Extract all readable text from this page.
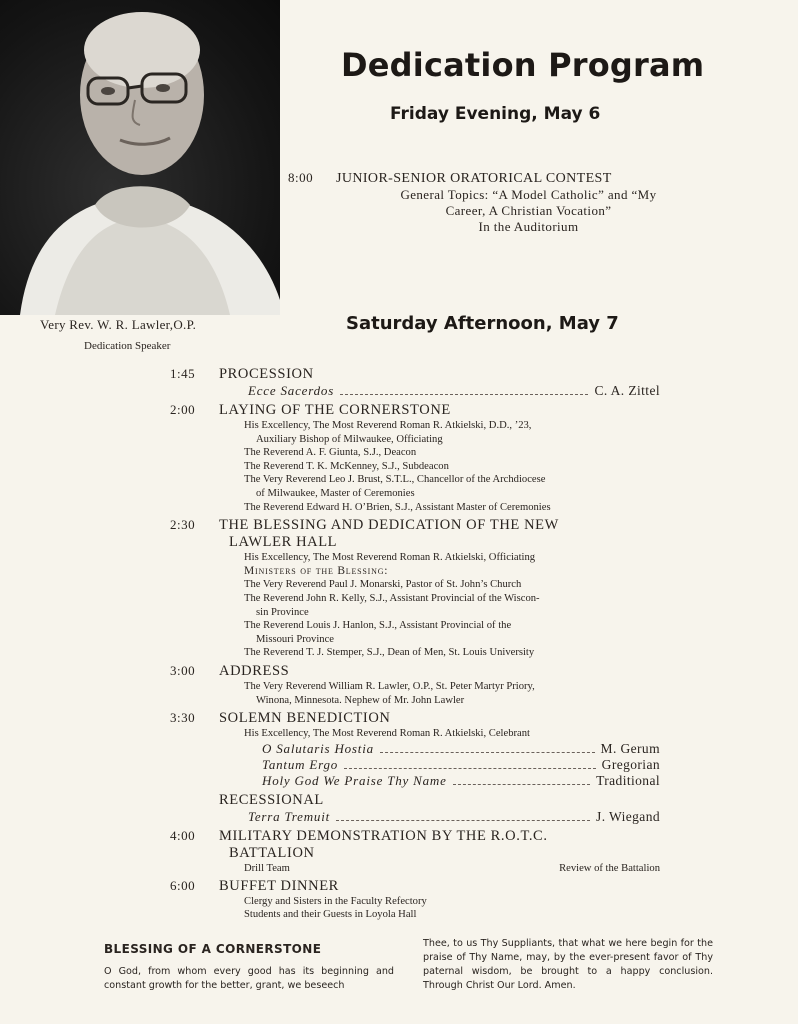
Very Rev. W. R. Lawler,O.P.
Dedication Speaker
Dedication Program
Friday Evening, May 6
8:00 JUNIOR-SENIOR ORATORICAL CONTEST
General Topics: “A Model Catholic” and “My
Career, A Christian Vocation”
In the Auditorium
Saturday Afternoon, May 7
1:45 PROCESSION
Ecce Sacerdos	C. A. Zittel
2:00 LAYING OF THE CORNERSTONE
His Excellency, The Most Reverend Roman R. Atkielski, D.D., ’23,
Auxiliary Bishop of Milwaukee, Officiating
The Reverend A. F. Giunta, S.J., Deacon
The Reverend T. K. McKenney, S.J., Subdeacon
The Very Reverend Leo J. Brust, S.T.L., Chancellor of the Archdiocese
of Milwaukee, Master of Ceremonies
The Reverend Edward H. O’Brien, S.J., Assistant Master of Ceremonies
2:30 THE BLESSING AND DEDICATION OF THE NEW
LAWLER HALL
His Excellency, The Most Reverend Roman R. Atkielski, Officiating
Ministers of the Blessing:
The Very Reverend Paul J. Monarski, Pastor of St. John’s Church
The Reverend John R. Kelly, S.J., Assistant Provincial of the Wiscon-
sin Province
The Reverend Louis J. Hanlon, S.J., Assistant Provincial of the
Missouri Province
The Reverend T. J. Stemper, S.J., Dean of Men, St. Louis University
3:00 ADDRESS
The Very Reverend William R. Lawler, O.P., St. Peter Martyr Priory,
Winona, Minnesota. Nephew of Mr. John Lawler
3:30 SOLEMN BENEDICTION
His Excellency, The Most Reverend Roman R. Atkielski, Celebrant
O Salutaris Hostia	M. Gerum
Tantum Ergo	Gregorian
Holy God We Praise Thy Name	Traditional
RECESSIONAL
Terra Tremuit	J. Wiegand
4:00 MILITARY DEMONSTRATION BY THE R.O.T.C.
BATTALION
Drill Team	Review of the Battalion
6:00 BUFFET DINNER
Clergy and Sisters in the Faculty Refectory
Students and their Guests in Loyola Hall
BLESSING OF A CORNERSTONE
O God, from whom every good has its beginning and constant growth for the better, grant, we beseech
Thee, to us Thy Suppliants, that what we here begin for the praise of Thy Name, may, by the ever-present favor of Thy paternal wisdom, be brought to a happy conclusion. Through Christ Our Lord. Amen.
